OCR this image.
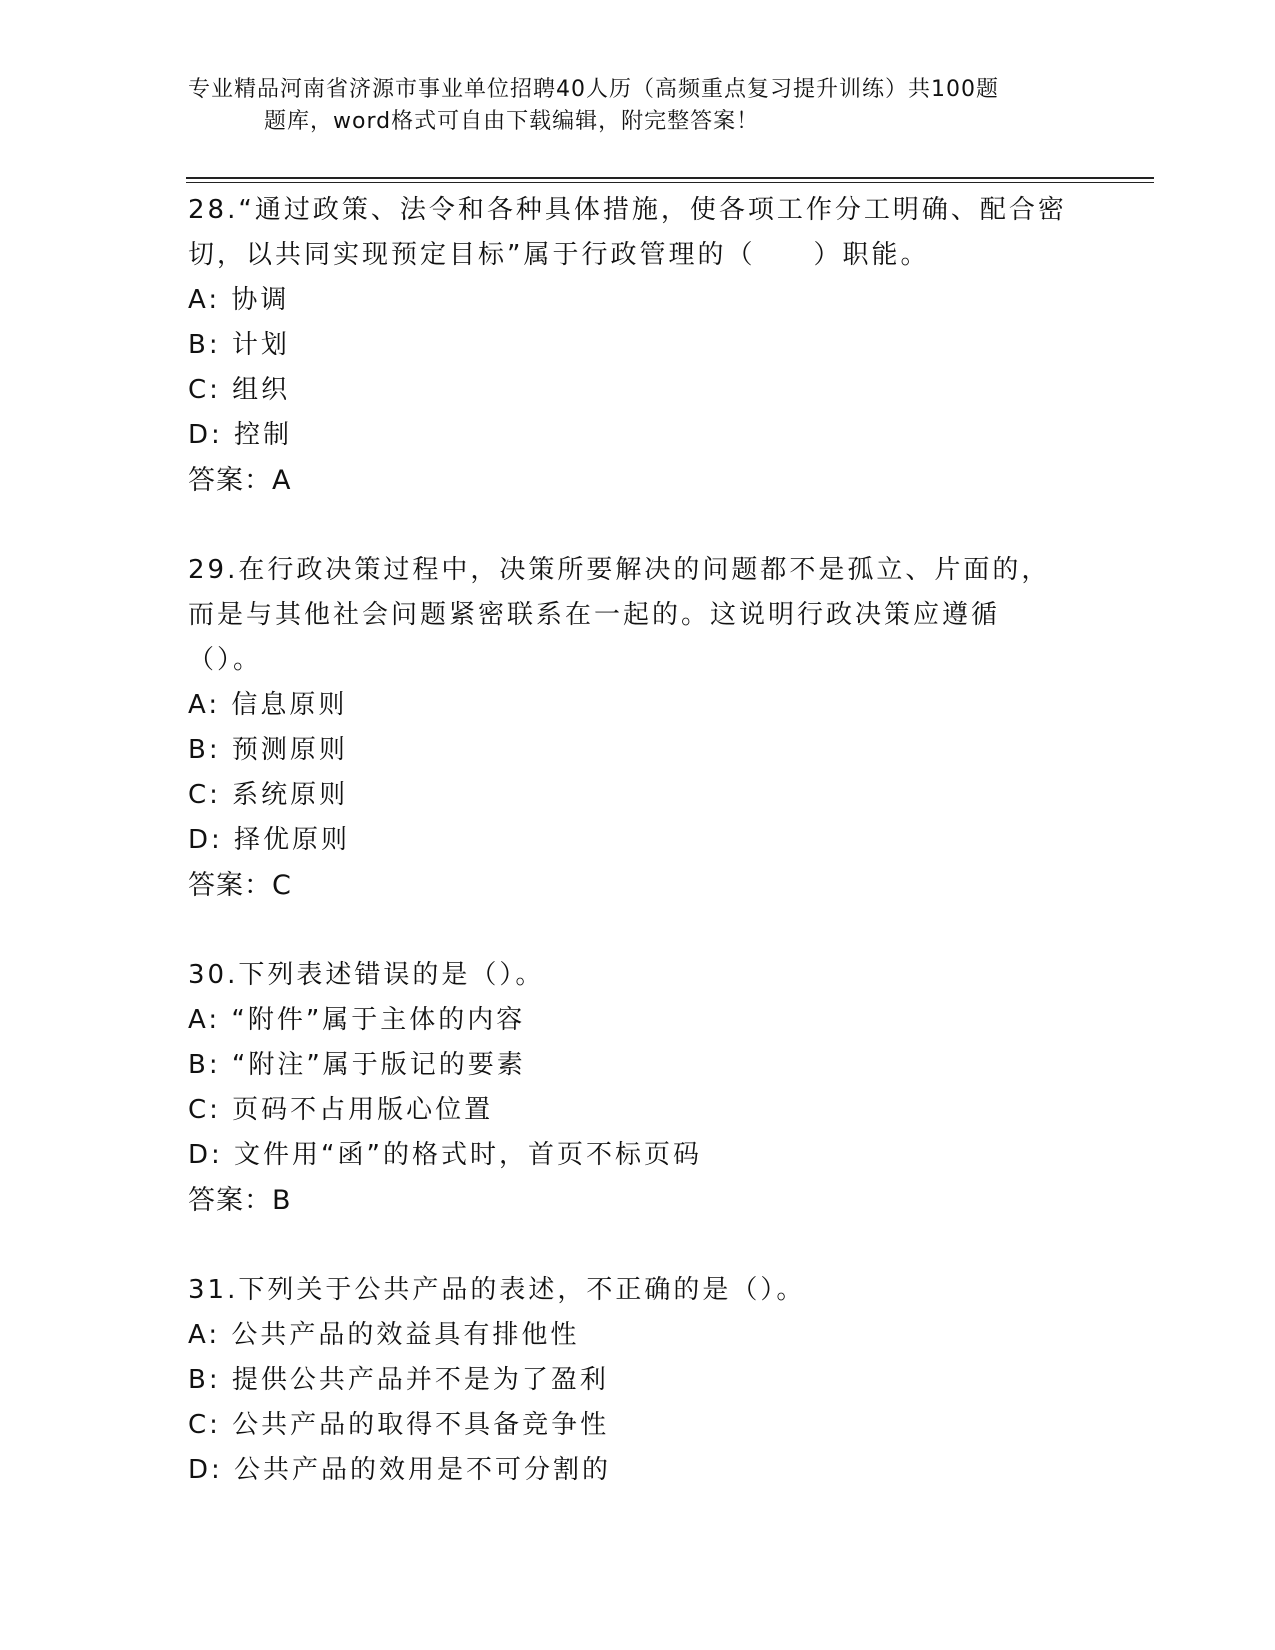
专业精品河南省济源市事业单位招聘40人历（高频重点复习提升训练）共100题
题库，word格式可自由下载编辑，附完整答案！
28.“通过政策、法令和各种具体措施，使各项工作分工明确、配合密切，以共同实现预定目标”属于行政管理的（　　）职能。
A: 协调
B: 计划
C: 组织
D: 控制
答案：A
29.在行政决策过程中，决策所要解决的问题都不是孤立、片面的，而是与其他社会问题紧密联系在一起的。这说明行政决策应遵循（）。
A: 信息原则
B: 预测原则
C: 系统原则
D: 择优原则
答案：C
30.下列表述错误的是（）。
A: “附件”属于主体的内容
B: “附注”属于版记的要素
C: 页码不占用版心位置
D: 文件用“函”的格式时，首页不标页码
答案：B
31.下列关于公共产品的表述，不正确的是（）。
A: 公共产品的效益具有排他性
B: 提供公共产品并不是为了盈利
C: 公共产品的取得不具备竞争性
D: 公共产品的效用是不可分割的
